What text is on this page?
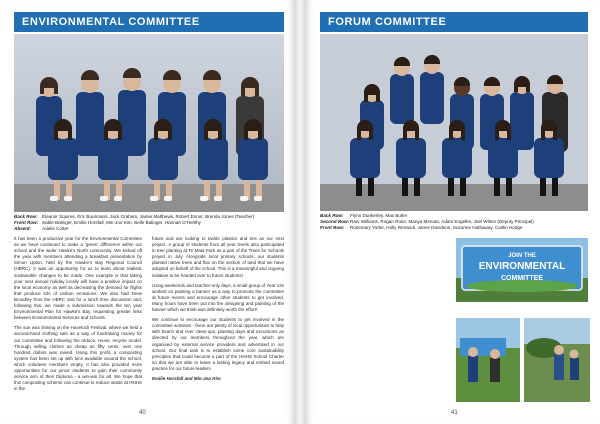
ENVIRONMENTAL COMMITTEE
Back Row: Eleanor Squires, Eric Buurmans, Jack Graham, Jamie Matthews, Robert Ennor, Brenda Jones (Teacher)
Front Row: Sable Balinger, Emilie Horsfall, Min-Joo Kim, Belle Balinger, Hannah O'Herlihy
Absent: Adelie Cotter

It has been a productive year for the Environmental Committee as we have continued to make a 'green' difference within our school and the wider Hawke's North community. We kicked off the year with members attending a breakfast presentation by Simon Upton, held by the Hawke's Bay Regional Council (HBRC). It was an opportunity for us to learn about realistic sustainable changes to be made. One example is that taking your next annual holiday locally will have a positive impact on the local economy as well as decreasing the demand for flights that produce lots of carbon emissions. We also had Drew Broadley from the HBRC visit for a lunch time discussion and, following this, we made a submission towards the ten year Environmental Plan for Hawke's Bay, requesting greater links between Environmental Services and schools.

The sun was shining on the Havelock Festival, where we held a second-hand clothing sale as a way of fundraising money for our committee and following the reduce, reuse, recycle model. Through selling clothes as cheap as fifty cents, over one hundred dollars was raised. Using this profit, a composting system has been set up with bins available around the school, which volunteer members empty. It has also provided more opportunities for our junior students to gain their community service arm of their Diploma - a win-win for all. We hope that this composting scheme can continue to reduce waste at HNHS in the

future and are looking to tackle plastics and tins as our next project. A group of students from all year levels also participated in tree planting at Te Mata Park as a part of the Trees for Schools project in July. Alongside local primary schools, our students planted native trees and flax on the section of land that we have adopted on behalf of the school. This is a meaningful and ongoing initiative to be handed over to future students!

Using weekends and teacher-only days, a small group of Year 13s worked on painting a banner as a way to promote the committee at future events and encourage other students to get involved. Many hours have been put into the designing and painting of the banner which we think was definitely worth the effort!

We continue to encourage our students to get involved in the committee activities - there are plenty of local opportunities to help with beach and river clean-ups, planting days and excursions as directed by our members throughout the year, which are organised by external service providers and advertised in our school. Our final task is to establish some core sustainability principles that could become a part of the HNHS School Charter so that we are able to leave a lasting legacy and embed sound practice for our future leaders.

Emilie Horsfall and Min-Joo Kim

40
FORUM COMMITTEE
Back Row: Flynn Dunkerley, Max Butler
Second Row:Rani Williams, Rogan Rose, Manya Menuta, Adam Engelke, Joel Wilton (Deputy Principal)
Front Row: Rosemary Yorke, Holly Renwick, Jamie Davidson, Suzanne Hathaway, Caitlin Hodge
JOIN THE
ENVIRONMENTAL
COMMITTEE
41
